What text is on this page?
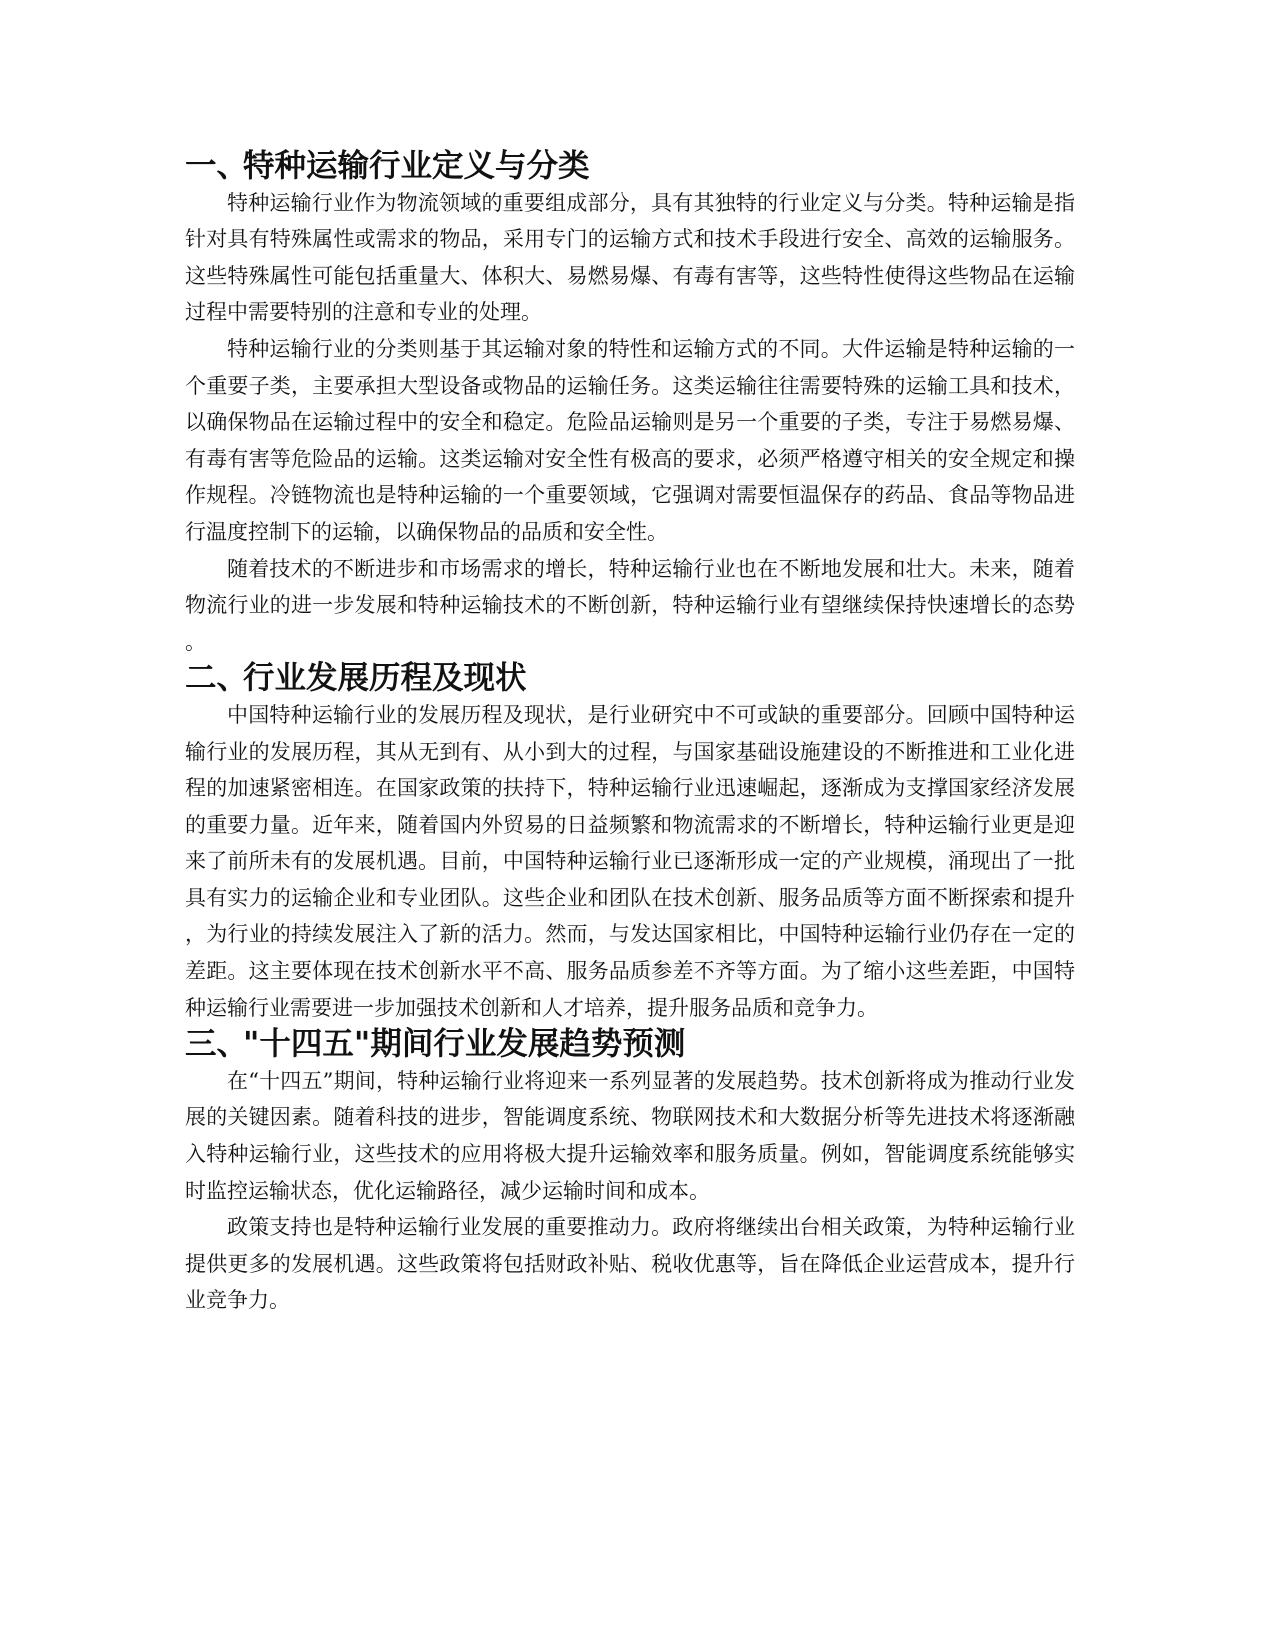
一、特种运输行业定义与分类

特种运输行业作为物流领域的重要组成部分，具有其独特的行业定义与分类。特种运输是指针对具有特殊属性或需求的物品，采用专门的运输方式和技术手段进行安全、高效的运输服务。这些特殊属性可能包括重量大、体积大、易燃易爆、有毒有害等，这些特性使得这些物品在运输过程中需要特别的注意和专业的处理。

特种运输行业的分类则基于其运输对象的特性和运输方式的不同。大件运输是特种运输的一个重要子类，主要承担大型设备或物品的运输任务。这类运输往往需要特殊的运输工具和技术，以确保物品在运输过程中的安全和稳定。危险品运输则是另一个重要的子类，专注于易燃易爆、有毒有害等危险品的运输。这类运输对安全性有极高的要求，必须严格遵守相关的安全规定和操作规程。冷链物流也是特种运输的一个重要领域，它强调对需要恒温保存的药品、食品等物品进行温度控制下的运输，以确保物品的品质和安全性。

随着技术的不断进步和市场需求的增长，特种运输行业也在不断地发展和壮大。未来，随着物流行业的进一步发展和特种运输技术的不断创新，特种运输行业有望继续保持快速增长的态势。

二、行业发展历程及现状

中国特种运输行业的发展历程及现状，是行业研究中不可或缺的重要部分。回顾中国特种运输行业的发展历程，其从无到有、从小到大的过程，与国家基础设施建设的不断推进和工业化进程的加速紧密相连。在国家政策的扶持下，特种运输行业迅速崛起，逐渐成为支撑国家经济发展的重要力量。近年来，随着国内外贸易的日益频繁和物流需求的不断增长，特种运输行业更是迎来了前所未有的发展机遇。目前，中国特种运输行业已逐渐形成一定的产业规模，涌现出了一批具有实力的运输企业和专业团队。这些企业和团队在技术创新、服务品质等方面不断探索和提升，为行业的持续发展注入了新的活力。然而，与发达国家相比，中国特种运输行业仍存在一定的差距。这主要体现在技术创新水平不高、服务品质参差不齐等方面。为了缩小这些差距，中国特种运输行业需要进一步加强技术创新和人才培养，提升服务品质和竞争力。

三、"十四五"期间行业发展趋势预测

在“十四五”期间，特种运输行业将迎来一系列显著的发展趋势。技术创新将成为推动行业发展的关键因素。随着科技的进步，智能调度系统、物联网技术和大数据分析等先进技术将逐渐融入特种运输行业，这些技术的应用将极大提升运输效率和服务质量。例如，智能调度系统能够实时监控运输状态，优化运输路径，减少运输时间和成本。

政策支持也是特种运输行业发展的重要推动力。政府将继续出台相关政策，为特种运输行业提供更多的发展机遇。这些政策将包括财政补贴、税收优惠等，旨在降低企业运营成本，提升行业竞争力。
